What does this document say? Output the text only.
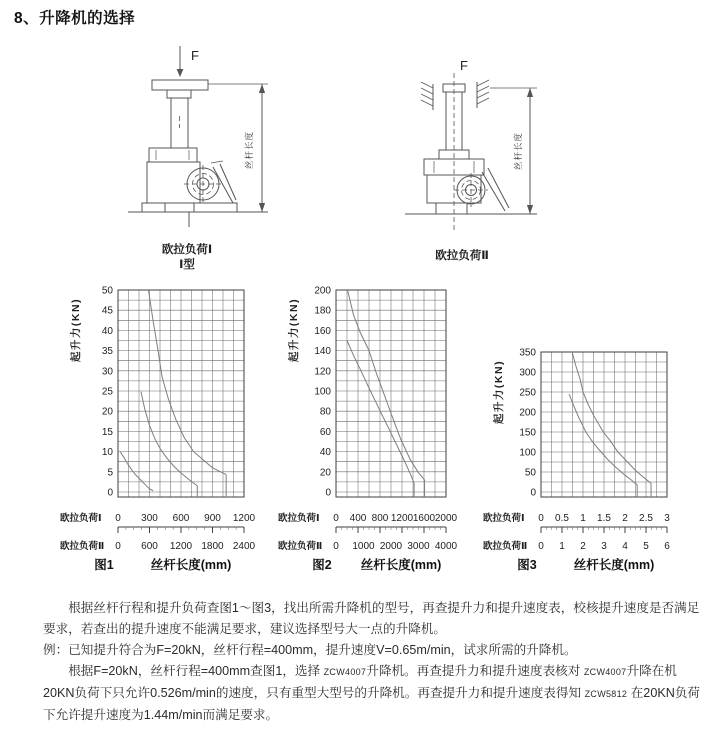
8、升降机的选择
F
丝杆长度
欧拉负荷Ⅰ
Ⅰ型
F
丝杆长度
欧拉负荷Ⅱ
0
5
10
15
20
25
30
35
40
45
50
起升力(KN)
欧拉负荷Ⅰ 0 300 600 900 1200
欧拉负荷Ⅱ 0 600 1200 1800 2400
图1	丝杆长度(mm)
0
20
40
60
80
100
120
140
160
180
200
起升力(KN)
欧拉负荷Ⅰ 0 400 800 1200 1600 2000
欧拉负荷Ⅱ 0 1000 2000 3000 4000
图2 丝杆长度(mm)
0
50
100
150
200
250
300
350
起升力(KN)
欧拉负荷Ⅰ 0 0.5 1 1.5 2 2.5 3
欧拉负荷Ⅱ 0 1 2 3 4 5 6
图3	丝杆长度(mm)

根据丝杆行程和提升负荷查图1～图3，找出所需升降机的型号，再查提升力和提升速度表，校核提升速度是否满足要求，若查出的提升速度不能满足要求，建议选择型号大一点的升降机。

例：已知提升符合为F=20kN，丝杆行程=400mm，提升速度V=0.65m/min，试求所需的升降机。

根据F=20kN，丝杆行程=400mm查图1，选择 ZCW4007升降机。再查提升力和提升速度表核对 ZCW4007升降在机20KN负荷下只允许0.526m/min的速度，只有重型大型号的升降机。再查提升力和提升速度表得知 ZCW5812 在20KN负荷下允许提升速度为1.44m/min而满足要求。
